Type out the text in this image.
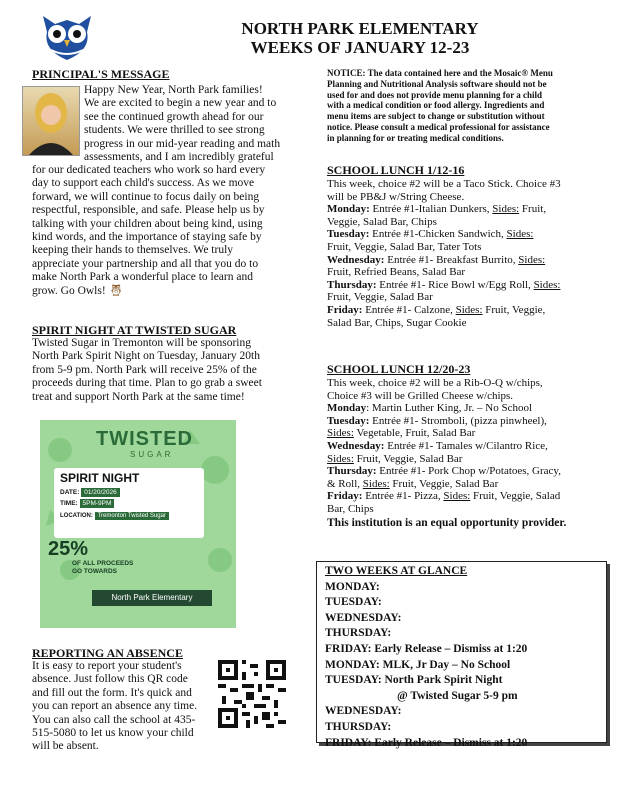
NORTH PARK ELEMENTARY
WEEKS OF JANUARY 12-23
PRINCIPAL'S MESSAGE
Happy New Year, North Park families!
We are excited to begin a new year and to
see the continued growth ahead for our
students. We were thrilled to see strong
progress in our mid-year reading and math
assessments, and I am incredibly grateful
for our dedicated teachers who work so hard every
day to support each child's success. As we move
forward, we will continue to focus daily on being
respectful, responsible, and safe. Please help us by
talking with your children about being kind, using
kind words, and the importance of staying safe by
keeping their hands to themselves. We truly
appreciate your partnership and all that you do to
make North Park a wonderful place to learn and
grow. Go Owls! 🦉︎
SPIRIT NIGHT AT TWISTED SUGAR
Twisted Sugar in Tremonton will be sponsoring
North Park Spirit Night on Tuesday, January 20th
from 5-9 pm. North Park will receive 25% of the
proceeds during that time. Plan to go grab a sweet
treat and support North Park at the same time!
TWISTED
SUGAR
SPIRIT NIGHT
DATE: 01/20/2026
TIME: 5PM-9PM
LOCATION: Tremonton Twisted Sugar
25%
OF ALL PROCEEDS
GO TOWARDS
North Park Elementary
REPORTING AN ABSENCE
It is easy to report your student's
absence. Just follow this QR code
and fill out the form. It's quick and
you can report an absence any time.
You can also call the school at 435-
515-5080 to let us know your child
will be absent.
NOTICE: The data contained here and the Mosaic® Menu
Planning and Nutritional Analysis software should not be
used for and does not provide menu planning for a child
with a medical condition or food allergy. Ingredients and
menu items are subject to change or substitution without
notice. Please consult a medical professional for assistance
in planning for or treating medical conditions.
SCHOOL LUNCH 1/12-16
This week, choice #2 will be a Taco Stick. Choice #3
will be PB&J w/String Cheese.
Monday: Entrée #1-Italian Dunkers, Sides: Fruit,
Veggie, Salad Bar, Chips
Tuesday: Entrée #1-Chicken Sandwich, Sides:
Fruit, Veggie, Salad Bar, Tater Tots
Wednesday: Entrée #1- Breakfast Burrito, Sides:
Fruit, Refried Beans, Salad Bar
Thursday: Entrée #1- Rice Bowl w/Egg Roll, Sides:
Fruit, Veggie, Salad Bar
Friday: Entrée #1- Calzone, Sides: Fruit, Veggie,
Salad Bar, Chips, Sugar Cookie
SCHOOL LUNCH 12/20-23
This week, choice #2 will be a Rib-O-Q w/chips,
Choice #3 will be Grilled Cheese w/chips.
Monday: Martin Luther King, Jr. – No School
Tuesday: Entrée #1- Stromboli, (pizza pinwheel),
Sides: Vegetable, Fruit, Salad Bar
Wednesday: Entrée #1- Tamales w/Cilantro Rice,
Sides: Fruit, Veggie, Salad Bar
Thursday: Entrée #1- Pork Chop w/Potatoes, Gracy,
& Roll, Sides: Fruit, Veggie, Salad Bar
Friday: Entrée #1- Pizza, Sides: Fruit, Veggie, Salad
Bar, Chips
This institution is an equal opportunity provider.
TWO WEEKS AT GLANCE
MONDAY:
TUESDAY:
WEDNESDAY:
THURSDAY:
FRIDAY: Early Release – Dismiss at 1:20
MONDAY: MLK, Jr Day – No School
TUESDAY: North Park Spirit Night
@ Twisted Sugar 5-9 pm
WEDNESDAY:
THURSDAY:
FRIDAY: Early Release – Dismiss at 1:20
